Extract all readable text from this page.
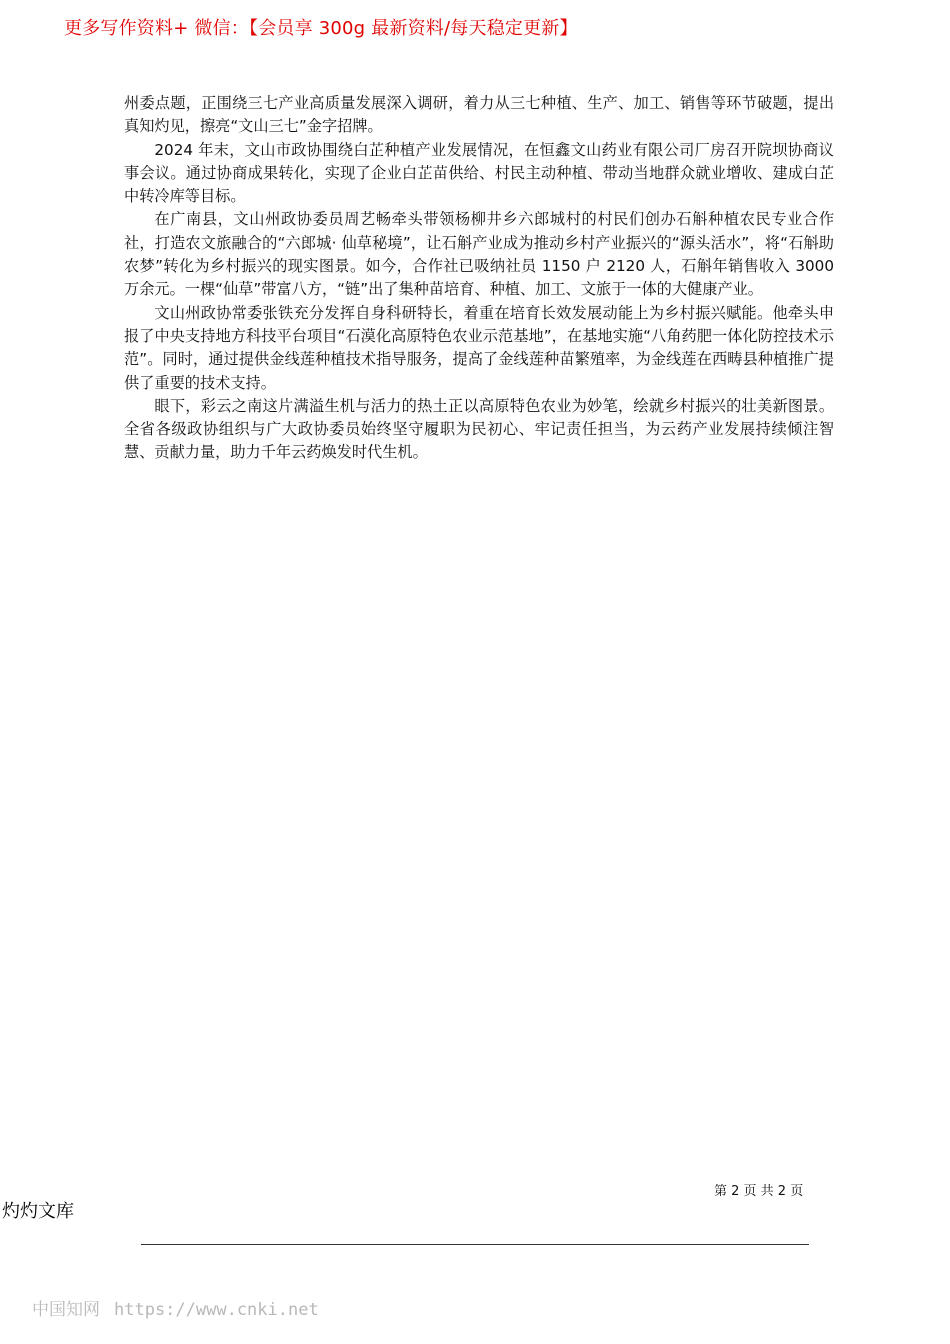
更多写作资料+ 微信：【会员享 300g 最新资料/每天稳定更新】

州委点题，正围绕三七产业高质量发展深入调研，着力从三七种植、生产、加工、销售等环节破题，提出真知灼见，擦亮“文山三七”金字招牌。

2024 年末，文山市政协围绕白芷种植产业发展情况，在恒鑫文山药业有限公司厂房召开院坝协商议事会议。通过协商成果转化，实现了企业白芷苗供给、村民主动种植、带动当地群众就业增收、建成白芷中转冷库等目标。

在广南县，文山州政协委员周艺畅牵头带领杨柳井乡六郎城村的村民们创办石斛种植农民专业合作社，打造农文旅融合的“六郎城· 仙草秘境”，让石斛产业成为推动乡村产业振兴的“源头活水”，将“石斛助农梦”转化为乡村振兴的现实图景。如今，合作社已吸纳社员 1150 户 2120 人，石斛年销售收入 3000 万余元。一棵“仙草”带富八方，“链”出了集种苗培育、种植、加工、文旅于一体的大健康产业。

文山州政协常委张铁充分发挥自身科研特长，着重在培育长效发展动能上为乡村振兴赋能。他牵头申报了中央支持地方科技平台项目“石漠化高原特色农业示范基地”，在基地实施“八角药肥一体化防控技术示范”。同时，通过提供金线莲种植技术指导服务，提高了金线莲种苗繁殖率，为金线莲在西畴县种植推广提供了重要的技术支持。

眼下，彩云之南这片满溢生机与活力的热土正以高原特色农业为妙笔，绘就乡村振兴的壮美新图景。全省各级政协组织与广大政协委员始终坚守履职为民初心、牢记责任担当，为云药产业发展持续倾注智慧、贡献力量，助力千年云药焕发时代生机。

第 2 页 共 2 页
灼灼文库
中国知网 https://www.cnki.net
